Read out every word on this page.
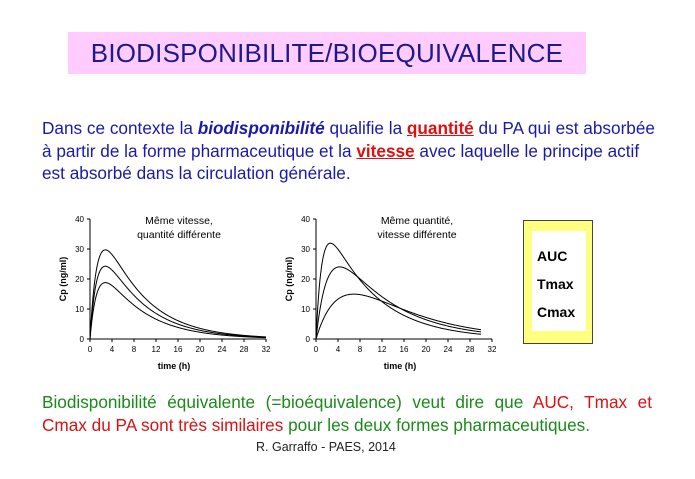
BIODISPONIBILITE/BIOEQUIVALENCE
Dans ce contexte la biodisponibilité qualifie la quantité du PA qui est absorbée à partir de la forme pharmaceutique et la vitesse avec laquelle le principe actif est absorbé dans la circulation générale.
0
10
20
30
40
0 4 8 12 16 20 24 28 32
time (h)
Cp (ng/ml)
Même vitesse,
quantité différente
0
10
20
30
40
0 4 8 12 16 20 24 28 32
time (h)
Cp (ng/ml)
Même quantité,
vitesse différente
AUC
Tmax
Cmax
Biodisponibilité équivalente (=bioéquivalence) veut dire que AUC, Tmax et Cmax du PA sont très similaires pour les deux formes pharmaceutiques.
R. Garraffo - PAES, 2014
